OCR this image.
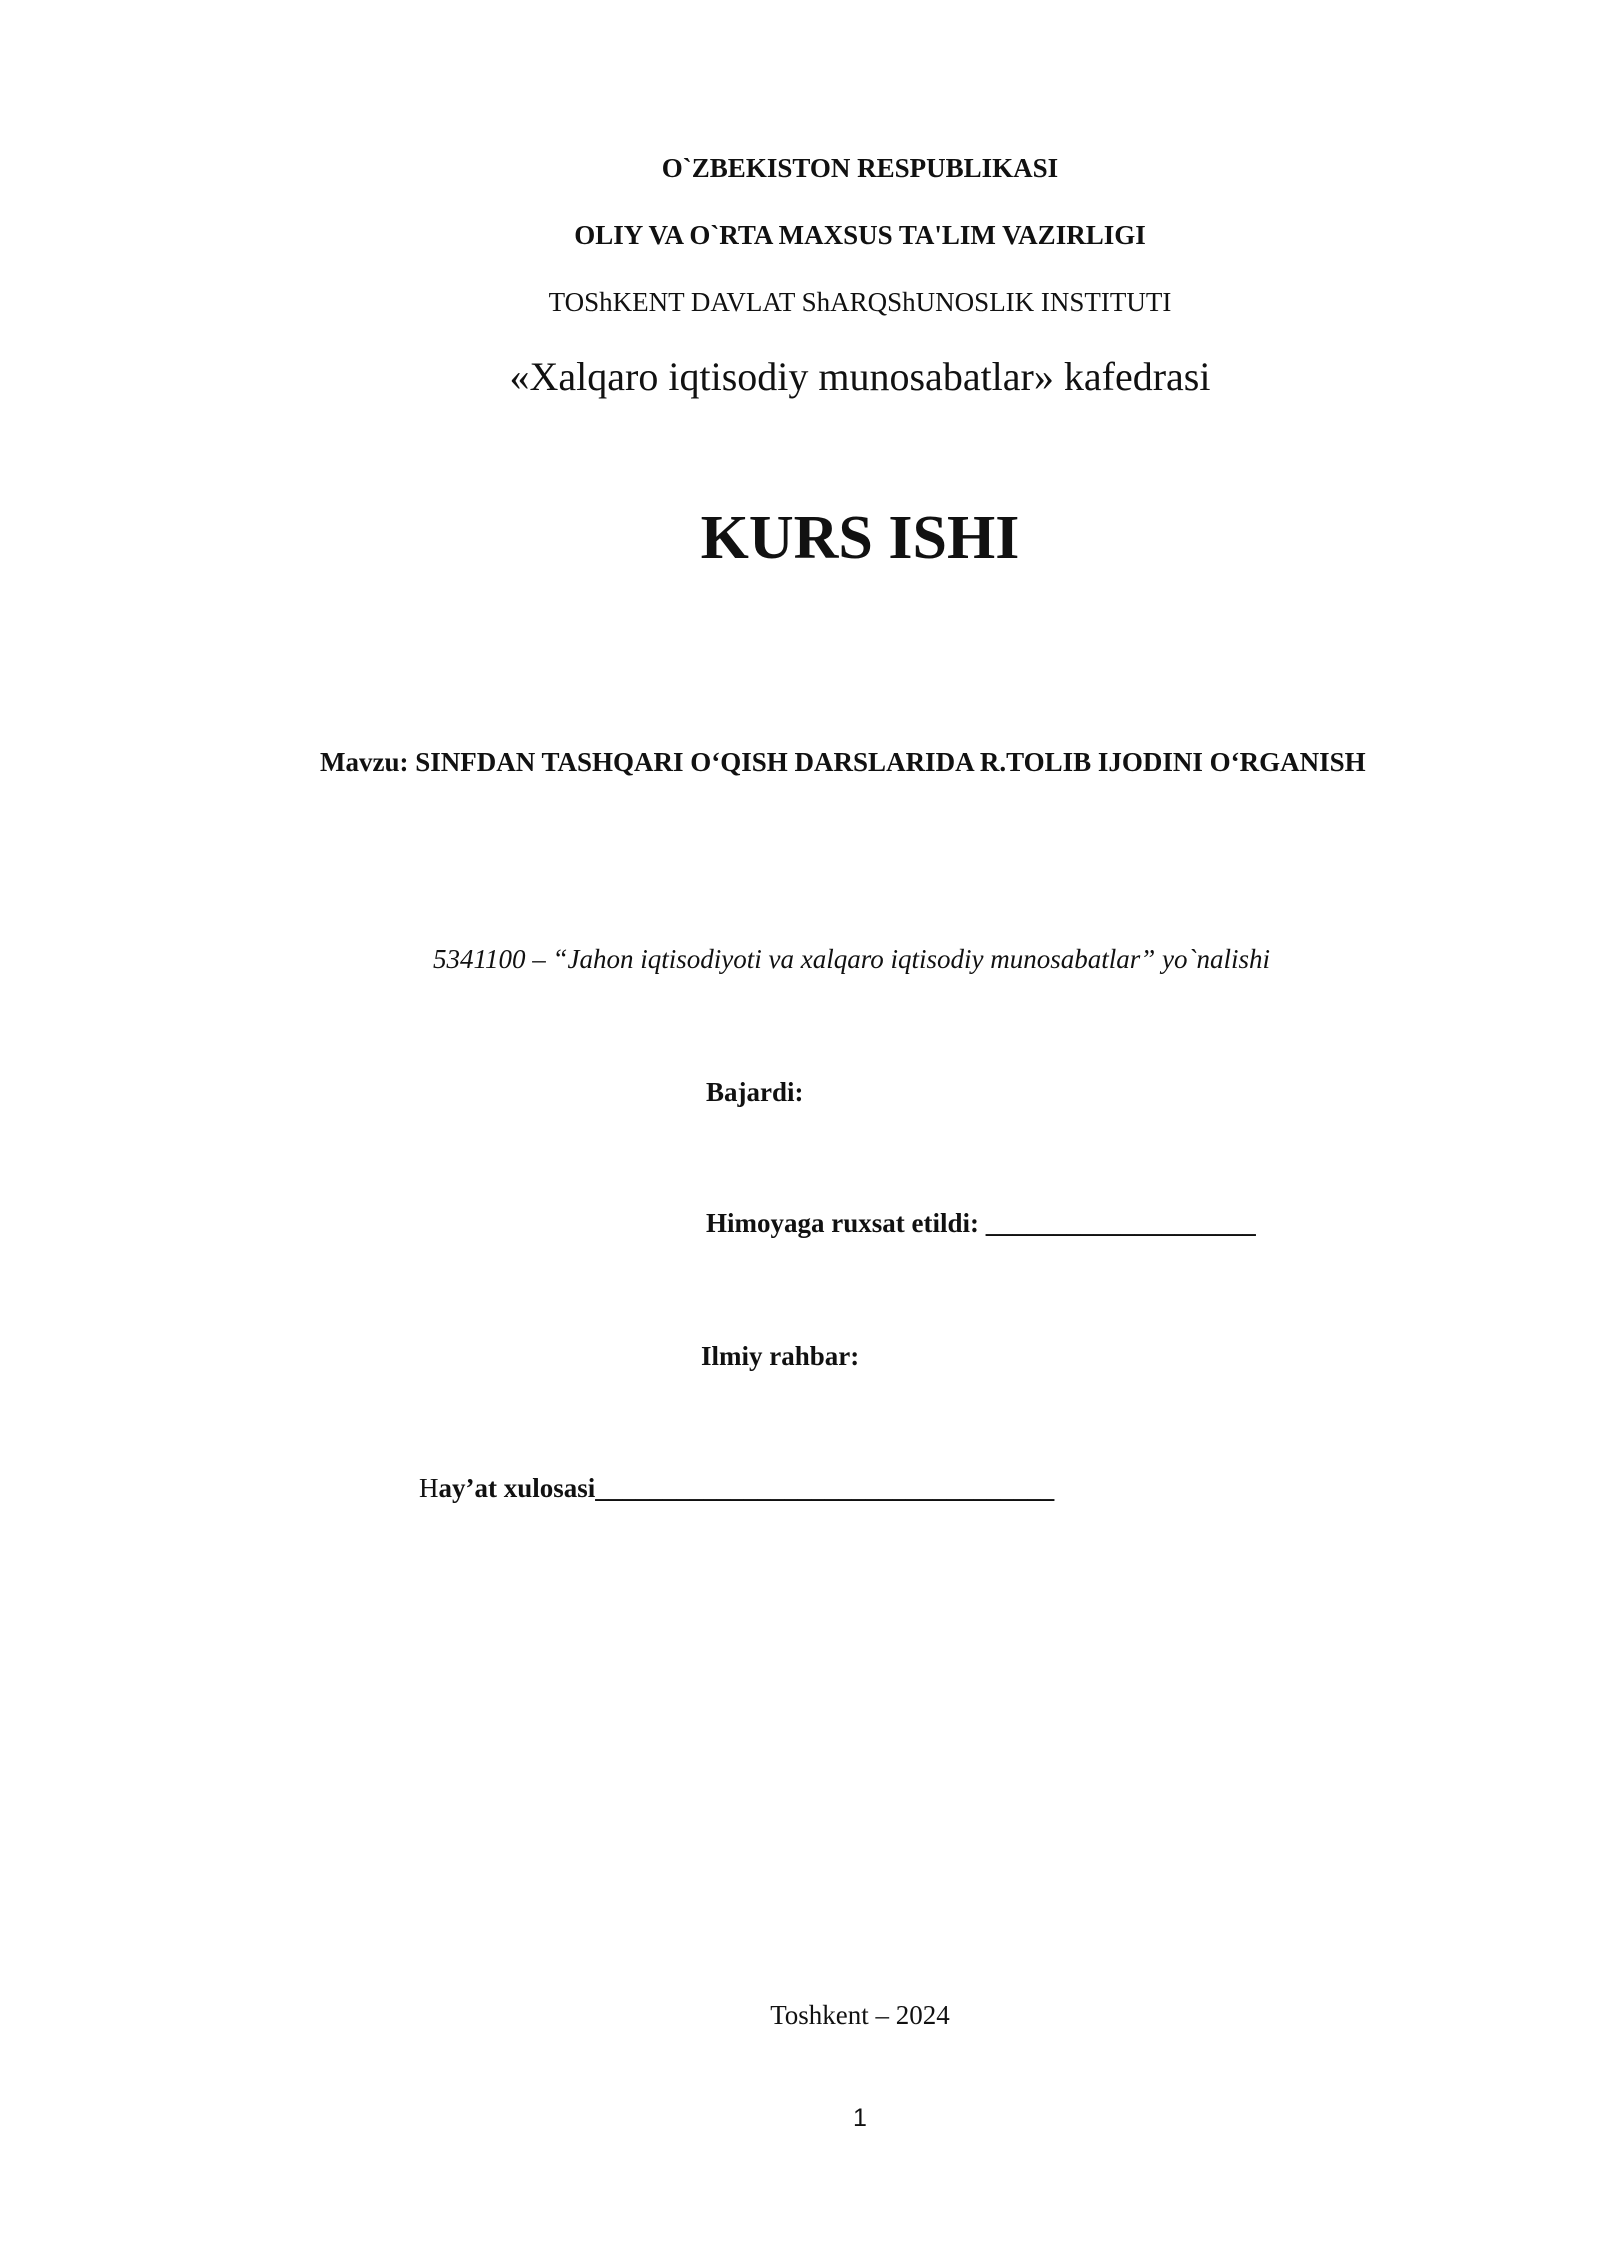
O`ZBEKISTON RESPUBLIKASI
OLIY VA O`RTA MAXSUS TA'LIM VAZIRLIGI
TOShKENT DAVLAT ShARQShUNOSLIK INSTITUTI
«Xalqaro iqtisodiy munosabatlar» kafedrasi
KURS ISHI
Mavzu: SINFDAN TASHQARI O‘QISH DARSLARIDA R.TOLIB IJODINI O‘RGANISH
5341100 – “Jahon iqtisodiyoti va xalqaro iqtisodiy munosabatlar” yo`nalishi
Bajardi:
Himoyaga ruxsat etildi: ____________________
Ilmiy rahbar:
Hay’at xulosasi__________________________________
Toshkent – 2024
1
